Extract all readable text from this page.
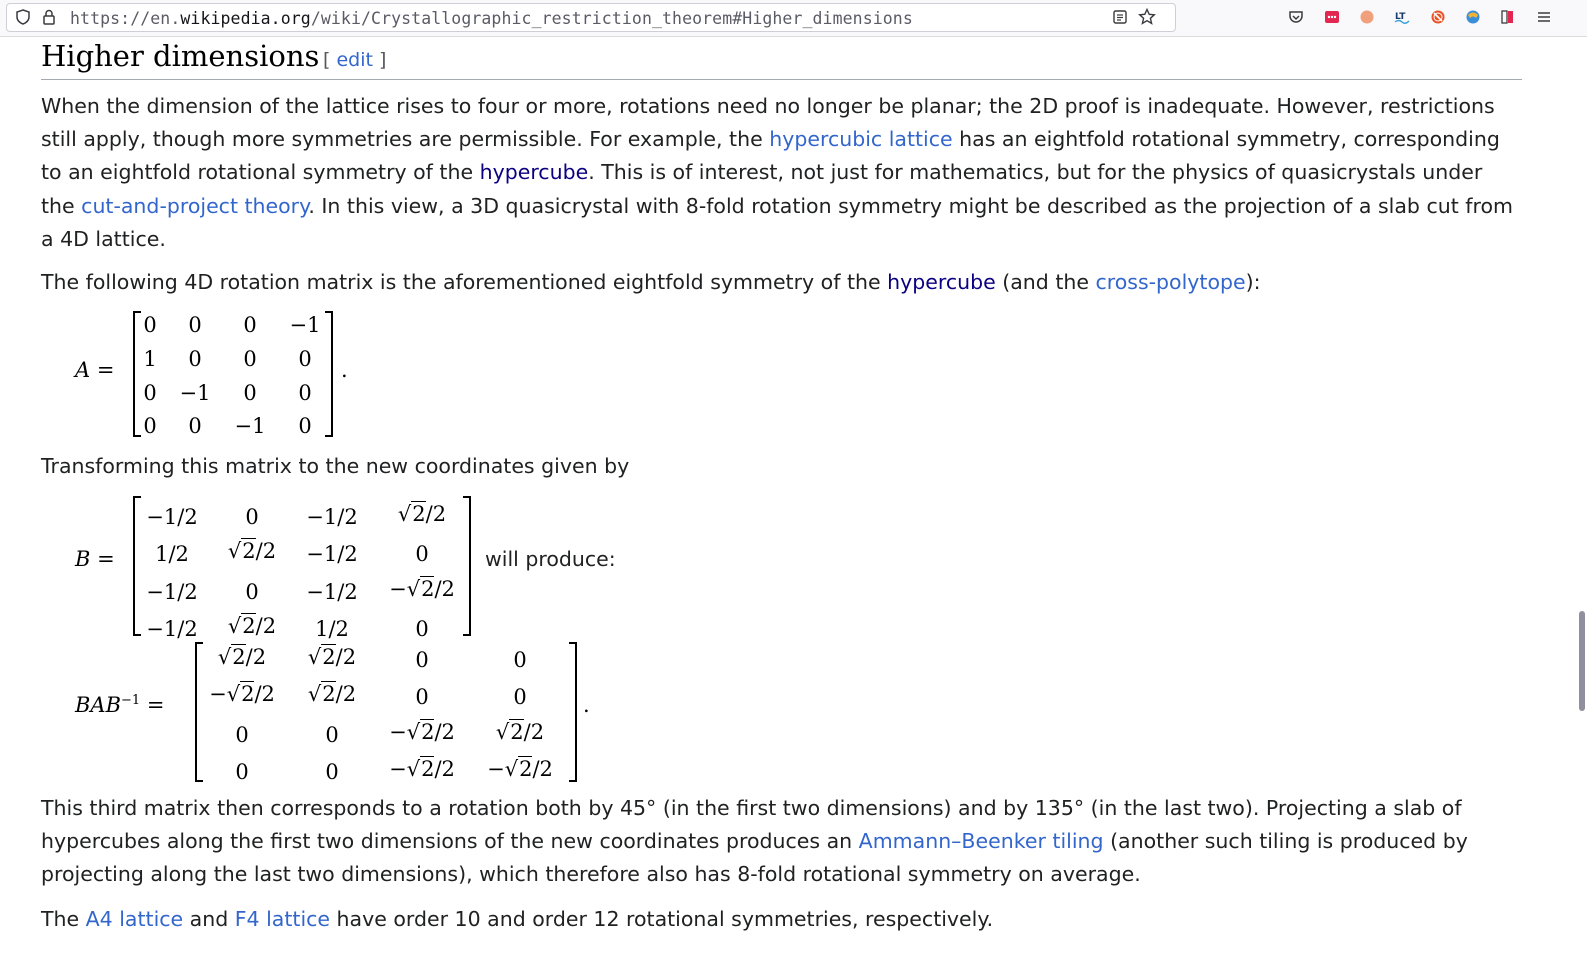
https://en.wikipedia.org/wiki/Crystallographic_restriction_theorem#Higher_dimensions	LT
Higher dimensions [ edit ]

When the dimension of the lattice rises to four or more, rotations need no longer be planar; the 2D proof is inadequate. However, restrictions still apply, though more symmetries are permissible. For example, the hypercubic lattice has an eightfold rotational symmetry, corresponding to an eightfold rotational symmetry of the hypercube. This is of interest, not just for mathematics, but for the physics of quasicrystals under the cut-and-project theory. In this view, a 3D quasicrystal with 8-fold rotation symmetry might be described as the projection of a slab cut from a 4D lattice.

The following 4D rotation matrix is the aforementioned eightfold symmetry of the hypercube (and the cross-polytope):

A =
0	0	0	−1
1	0	0	0
0	−1	0	0
0	0	−1	0
.

Transforming this matrix to the new coordinates given by

B =
−1/2	0	−1/2	√2/2
1/2	√2/2	−1/2	0
−1/2	0	−1/2	−√2/2
−1/2	√2/2	1/2	0
will produce:
$BAB^{-1}$ =
√2/2	√2/2	0	0
−√2/2	√2/2	0	0
0	0	−√2/2	√2/2
0	0	−√2/2	−√2/2
.

This third matrix then corresponds to a rotation both by 45° (in the first two dimensions) and by 135° (in the last two). Projecting a slab of hypercubes along the first two dimensions of the new coordinates produces an Ammann–Beenker tiling (another such tiling is produced by projecting along the last two dimensions), which therefore also has 8-fold rotational symmetry on average.

The A4 lattice and F4 lattice have order 10 and order 12 rotational symmetries, respectively.
